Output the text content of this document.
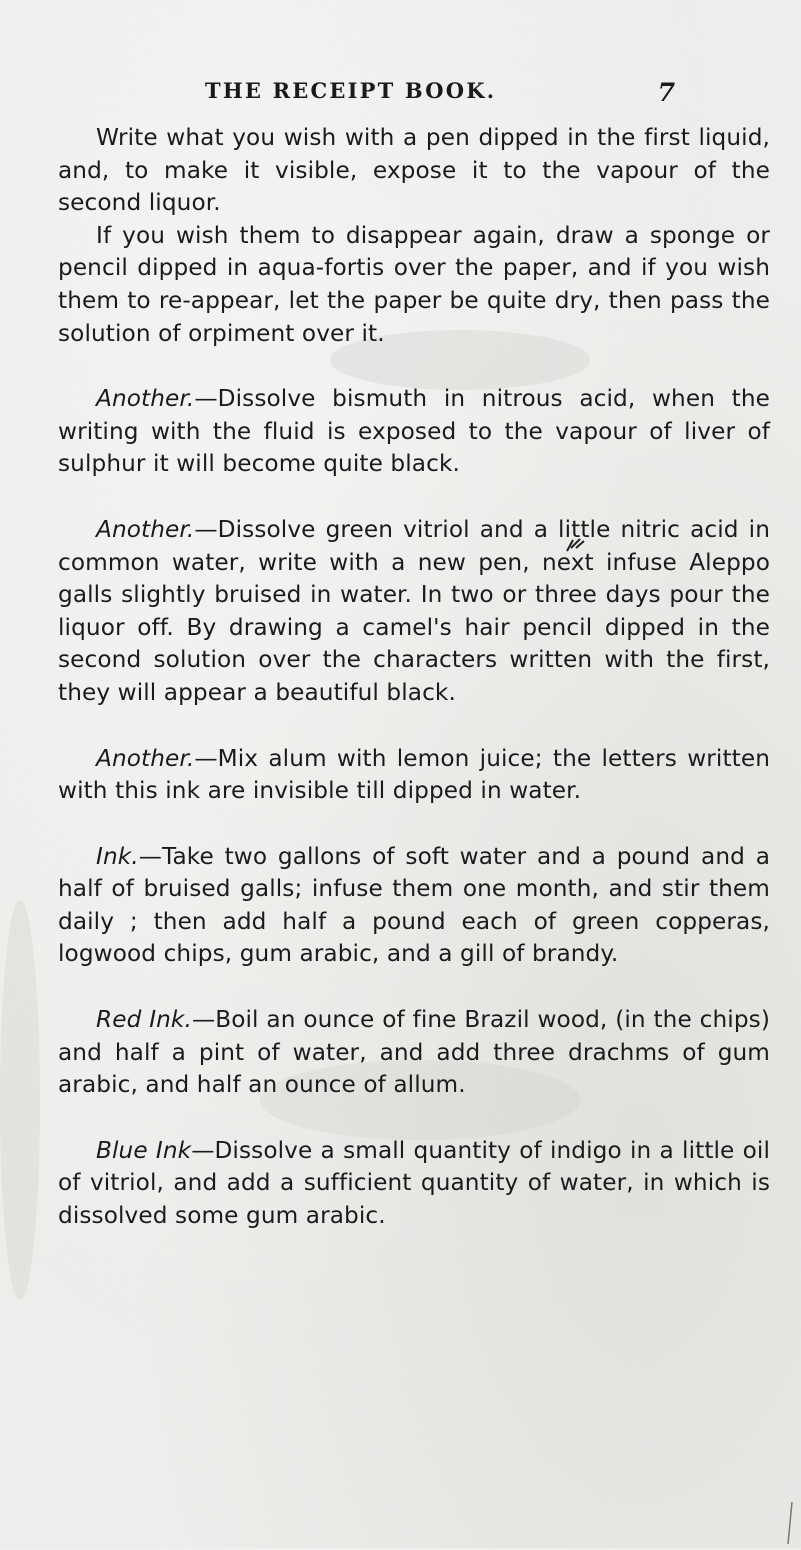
THE RECEIPT BOOK.	7

Write what you wish with a pen dipped in the first liquid, and, to make it visible, expose it to the vapour of the second liquor.

If you wish them to disappear again, draw a sponge or pencil dipped in aqua-fortis over the paper, and if you wish them to re-appear, let the paper be quite dry, then pass the solution of orpiment over it.

Another.—Dissolve bismuth in nitrous acid, when the writing with the fluid is exposed to the vapour of liver of sulphur it will become quite black.

Another.—Dissolve green vitriol and a little nitric acid in common water, write with a new pen, next infuse Aleppo galls slightly bruised in water. In two or three days pour the liquor off. By drawing a camel's hair pencil dipped in the second solution over the characters written with the first, they will appear a beautiful black.

Another.—Mix alum with lemon juice; the letters written with this ink are invisible till dipped in water.

Ink.—Take two gallons of soft water and a pound and a half of bruised galls; infuse them one month, and stir them daily ; then add half a pound each of green copperas, logwood chips, gum arabic, and a gill of brandy.

Red Ink.—Boil an ounce of fine Brazil wood, (in the chips) and half a pint of water, and add three drachms of gum arabic, and half an ounce of allum.

Blue Ink—Dissolve a small quantity of indigo in a little oil of vitriol, and add a sufficient quantity of water, in which is dissolved some gum arabic.
